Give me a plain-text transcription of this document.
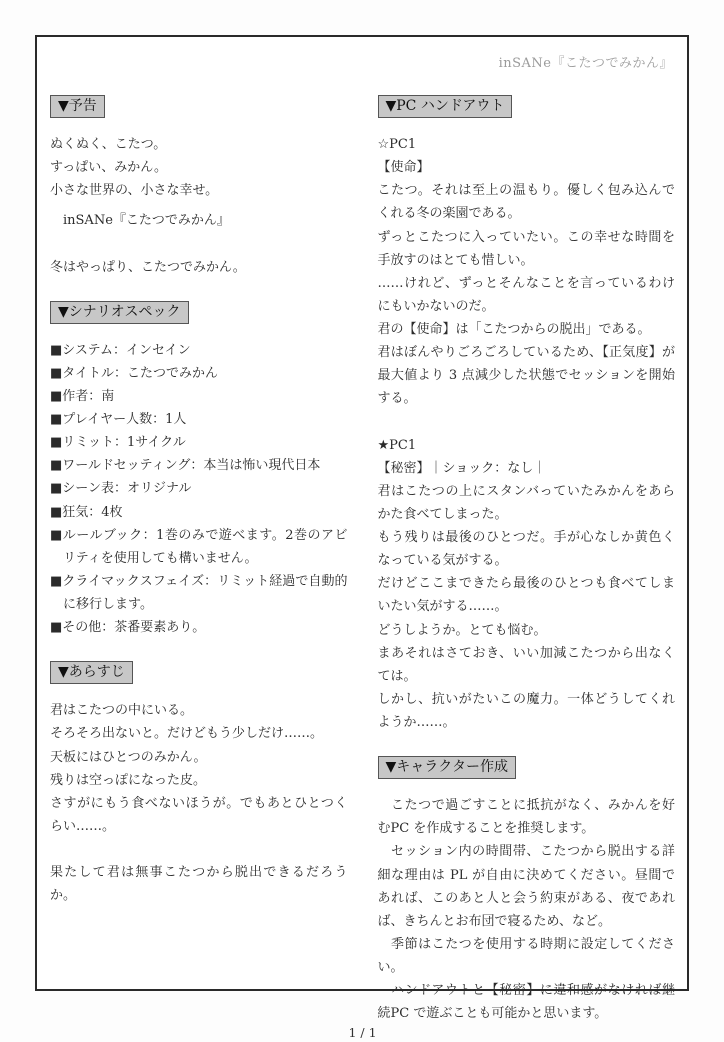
inSANe『こたつでみかん』
▼予告

ぬくぬく、こたつ。

すっぱい、みかん。

小さな世界の、小さな幸せ。

　inSANe『こたつでみかん』

冬はやっぱり、こたつでみかん。

▼シナリオスペック

■システム：インセイン

■タイトル：こたつでみかん

■作者：南

■プレイヤー人数：1人

■リミット：1サイクル

■ワールドセッティング：本当は怖い現代日本

■シーン表：オリジナル

■狂気：4枚

■ルールブック：1巻のみで遊べます。2巻のアビリティを使用しても構いません。

■クライマックスフェイズ：リミット経過で自動的に移行します。

■その他：茶番要素あり。

▼あらすじ

君はこたつの中にいる。

そろそろ出ないと。だけどもう少しだけ……。

天板にはひとつのみかん。

残りは空っぽになった皮。

さすがにもう食べないほうが。でもあとひとつくらい……。

果たして君は無事こたつから脱出できるだろうか。

▼PC ハンドアウト

☆PC1

【使命】

こたつ。それは至上の温もり。優しく包み込んでくれる冬の楽園である。

ずっとこたつに入っていたい。この幸せな時間を手放すのはとても惜しい。

……けれど、ずっとそんなことを言っているわけにもいかないのだ。

君の【使命】は「こたつからの脱出」である。

君はぼんやりごろごろしているため、【正気度】が最大値より 3 点減少した状態でセッションを開始する。

★PC1

【秘密】｜ショック：なし｜

君はこたつの上にスタンバっていたみかんをあらかた食べてしまった。

もう残りは最後のひとつだ。手が心なしか黄色くなっている気がする。

だけどここまできたら最後のひとつも食べてしまいたい気がする……。

どうしようか。とても悩む。

まあそれはさておき、いい加減こたつから出なくては。

しかし、抗いがたいこの魔力。一体どうしてくれようか……。

▼キャラクター作成

　こたつで過ごすことに抵抗がなく、みかんを好むPC を作成することを推奨します。

　セッション内の時間帯、こたつから脱出する詳細な理由は PL が自由に決めてください。昼間であれば、このあと人と会う約束がある、夜であれば、きちんとお布団で寝るため、など。

　季節はこたつを使用する時期に設定してください。

　ハンドアウトと【秘密】に違和感がなければ継続PC で遊ぶことも可能かと思います。

1 / 1
